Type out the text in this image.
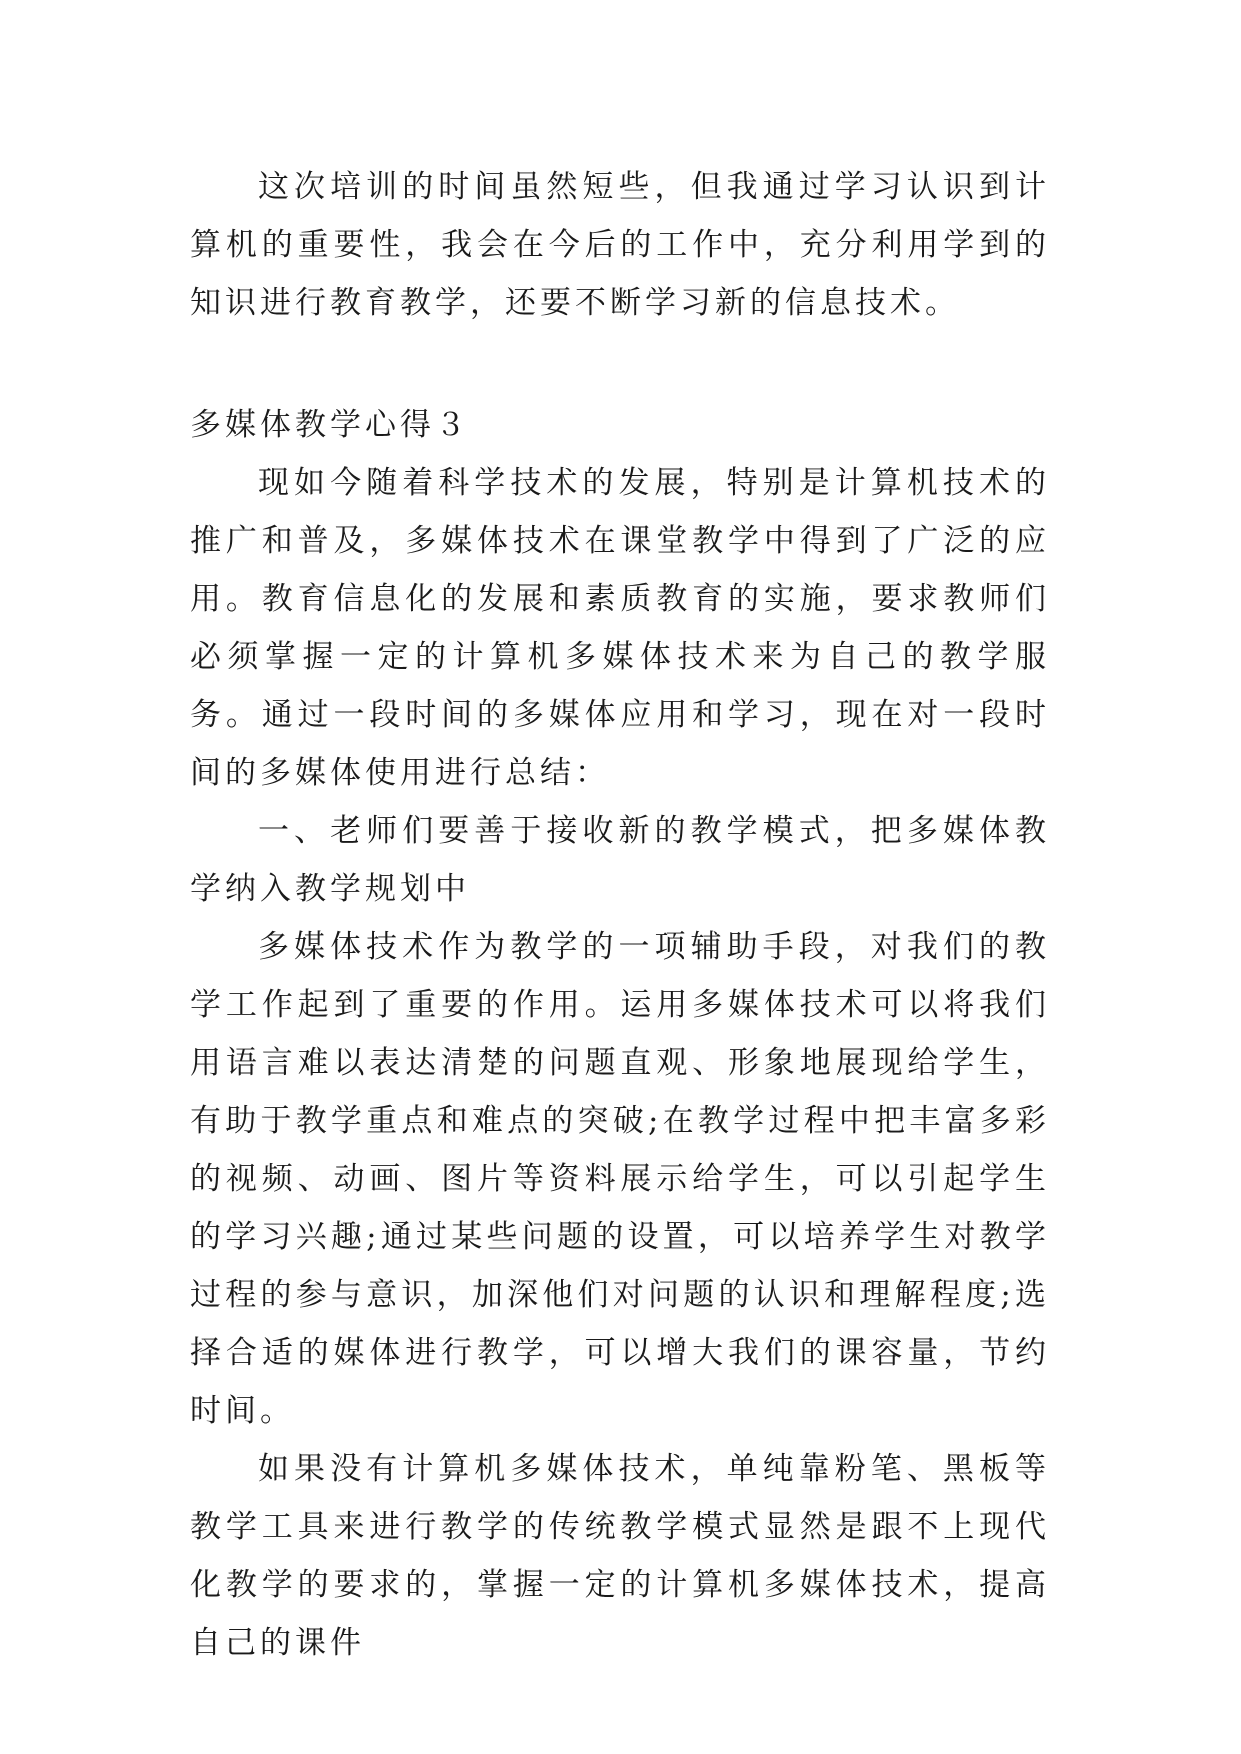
这次培训的时间虽然短些，但我通过学习认识到计算机的重要性，我会在今后的工作中，充分利用学到的知识进行教育教学，还要不断学习新的信息技术。

多媒体教学心得３

现如今随着科学技术的发展，特别是计算机技术的推广和普及，多媒体技术在课堂教学中得到了广泛的应用。教育信息化的发展和素质教育的实施，要求教师们必须掌握一定的计算机多媒体技术来为自己的教学服务。通过一段时间的多媒体应用和学习，现在对一段时间的多媒体使用进行总结：

一、老师们要善于接收新的教学模式，把多媒体教学纳入教学规划中

多媒体技术作为教学的一项辅助手段，对我们的教学工作起到了重要的作用。运用多媒体技术可以将我们用语言难以表达清楚的问题直观、形象地展现给学生，有助于教学重点和难点的突破;在教学过程中把丰富多彩的视频、动画、图片等资料展示给学生，可以引起学生的学习兴趣;通过某些问题的设置，可以培养学生对教学过程的参与意识，加深他们对问题的认识和理解程度;选择合适的媒体进行教学，可以增大我们的课容量，节约时间。

如果没有计算机多媒体技术，单纯靠粉笔、黑板等教学工具来进行教学的传统教学模式显然是跟不上现代化教学的要求的，掌握一定的计算机多媒体技术，提高自己的课件
